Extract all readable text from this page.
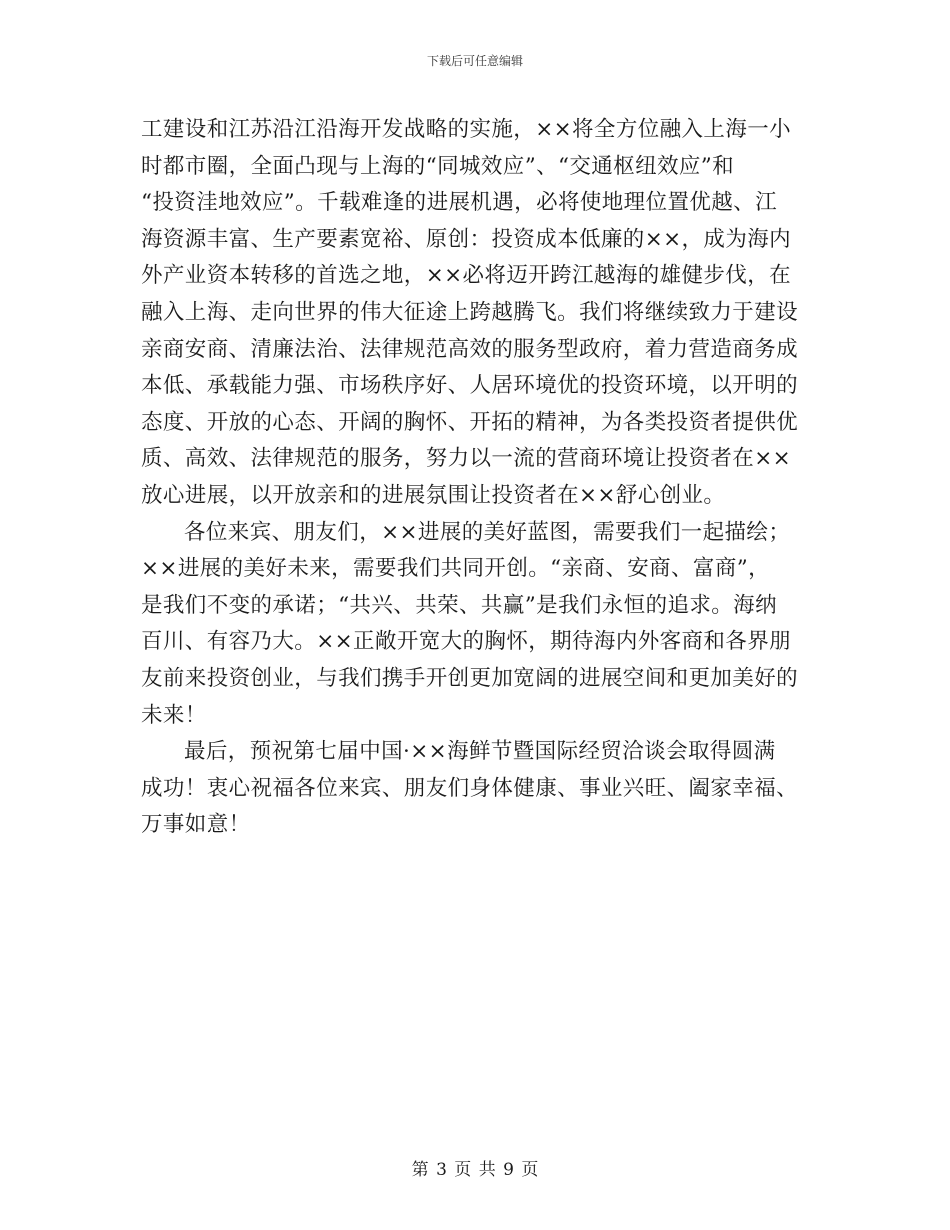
下载后可任意编辑

工建设和江苏沿江沿海开发战略的实施，××将全方位融入上海一小
时都市圈，全面凸现与上海的“同城效应”、“交通枢纽效应”和
“投资洼地效应”。千载难逢的进展机遇，必将使地理位置优越、江
海资源丰富、生产要素宽裕、原创：投资成本低廉的××，成为海内
外产业资本转移的首选之地，××必将迈开跨江越海的雄健步伐，在
融入上海、走向世界的伟大征途上跨越腾飞。我们将继续致力于建设
亲商安商、清廉法治、法律规范高效的服务型政府，着力营造商务成
本低、承载能力强、市场秩序好、人居环境优的投资环境，以开明的
态度、开放的心态、开阔的胸怀、开拓的精神，为各类投资者提供优
质、高效、法律规范的服务，努力以一流的营商环境让投资者在××
放心进展，以开放亲和的进展氛围让投资者在××舒心创业。

各位来宾、朋友们，××进展的美好蓝图，需要我们一起描绘；
××进展的美好未来，需要我们共同开创。“亲商、安商、富商”，
是我们不变的承诺；“共兴、共荣、共赢”是我们永恒的追求。海纳
百川、有容乃大。××正敞开宽大的胸怀，期待海内外客商和各界朋
友前来投资创业，与我们携手开创更加宽阔的进展空间和更加美好的
未来！

最后，预祝第七届中国·××海鲜节暨国际经贸洽谈会取得圆满
成功！衷心祝福各位来宾、朋友们身体健康、事业兴旺、阖家幸福、
万事如意！

第 3 页 共 9 页
